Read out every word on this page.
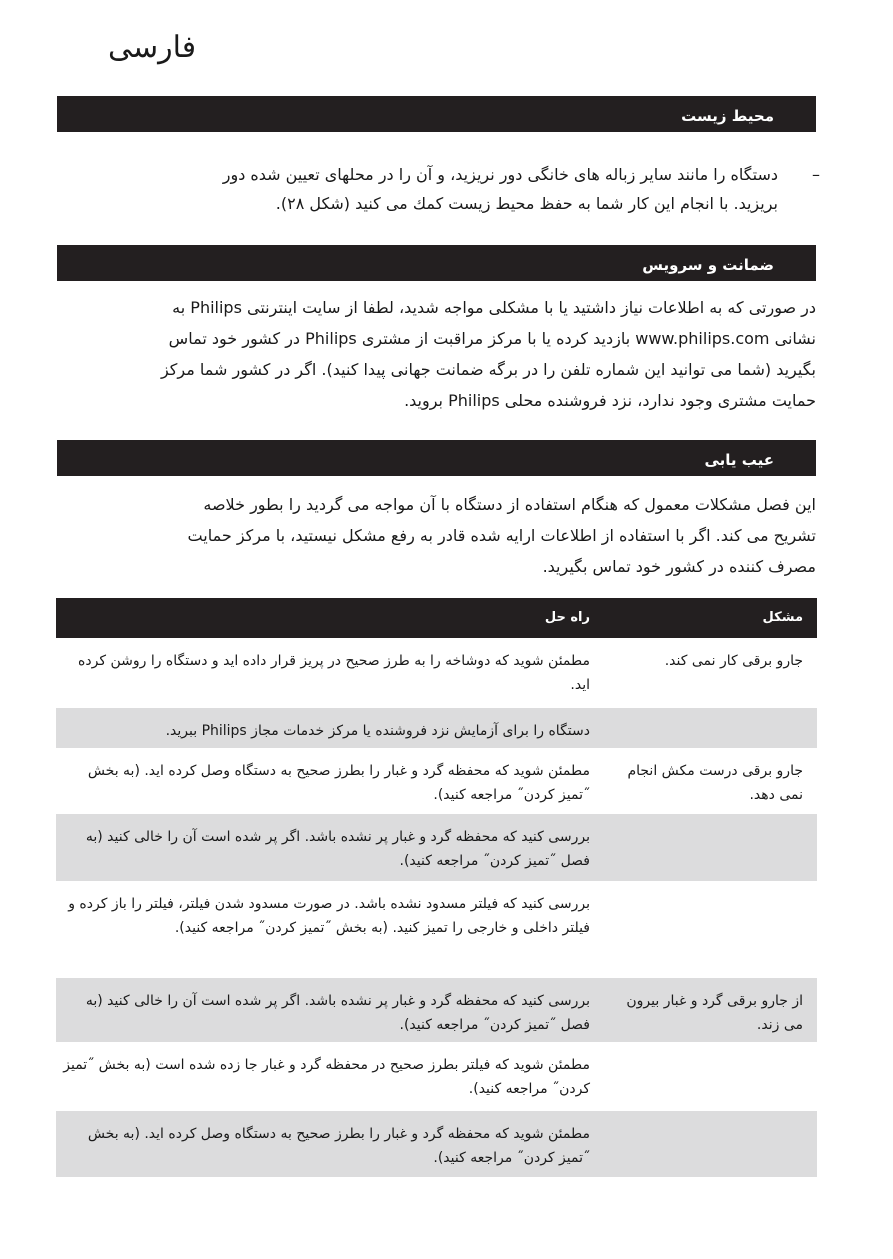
فارسی
محیط زیست
–
دستگاه را مانند سایر زباله های خانگی دور نریزید، و آن را در محلهای تعیین شده دور
بریزید. با انجام این کار شما به حفظ محیط زیست کمك می کنید (شكل ۲۸).
ضمانت و سرویس
در صورتی که به اطلاعات نیاز داشتید یا با مشکلی مواجه شدید، لطفا از سایت اینترنتی Philips به
نشانی www.philips.com بازدید کرده یا با مرکز مراقبت از مشتری Philips در کشور خود تماس
بگیرید (شما می توانید این شماره تلفن را در برگه ضمانت جهانی پیدا کنید). اگر در کشور شما مرکز
حمایت مشتری وجود ندارد، نزد فروشنده محلی Philips بروید.
عیب یابی
این فصل مشکلات معمول که هنگام استفاده از دستگاه با آن مواجه می گردید را بطور خلاصه
تشریح می کند. اگر با استفاده از اطلاعات ارایه شده قادر به رفع مشکل نیستید، با مرکز حمایت
مصرف کننده در کشور خود تماس بگیرید.
مشکل
راه حل
جارو برقی کار نمی کند.
مطمئن شوید که دوشاخه را به طرز صحیح در پریز قرار داده اید و دستگاه را روشن کرده اید.
دستگاه را برای آزمایش نزد فروشنده یا مرکز خدمات مجاز Philips ببرید.
جارو برقی درست مکش انجام نمی دهد.
مطمئن شوید که محفظه گرد و غبار را بطرز صحیح به دستگاه وصل کرده اید. (به بخش ˝تمیز کردن˝ مراجعه کنید).
بررسی کنید که محفظه گرد و غبار پر نشده باشد. اگر پر شده است آن را خالی کنید (به فصل ˝تمیز کردن˝ مراجعه کنید).
بررسی کنید که فیلتر مسدود نشده باشد. در صورت مسدود شدن فیلتر، فیلتر را باز کرده و فیلتر داخلی و خارجی را تمیز کنید. (به بخش ˝تمیز کردن˝ مراجعه کنید).
از جارو برقی گرد و غبار بیرون می زند.
بررسی کنید که محفظه گرد و غبار پر نشده باشد. اگر پر شده است آن را خالی کنید (به فصل ˝تمیز کردن˝ مراجعه کنید).
مطمئن شوید که فیلتر بطرز صحیح در محفظه گرد و غبار جا زده شده است (به بخش ˝تمیز کردن˝ مراجعه کنید).
مطمئن شوید که محفظه گرد و غبار را بطرز صحیح به دستگاه وصل کرده اید. (به بخش ˝تمیز کردن˝ مراجعه کنید).
